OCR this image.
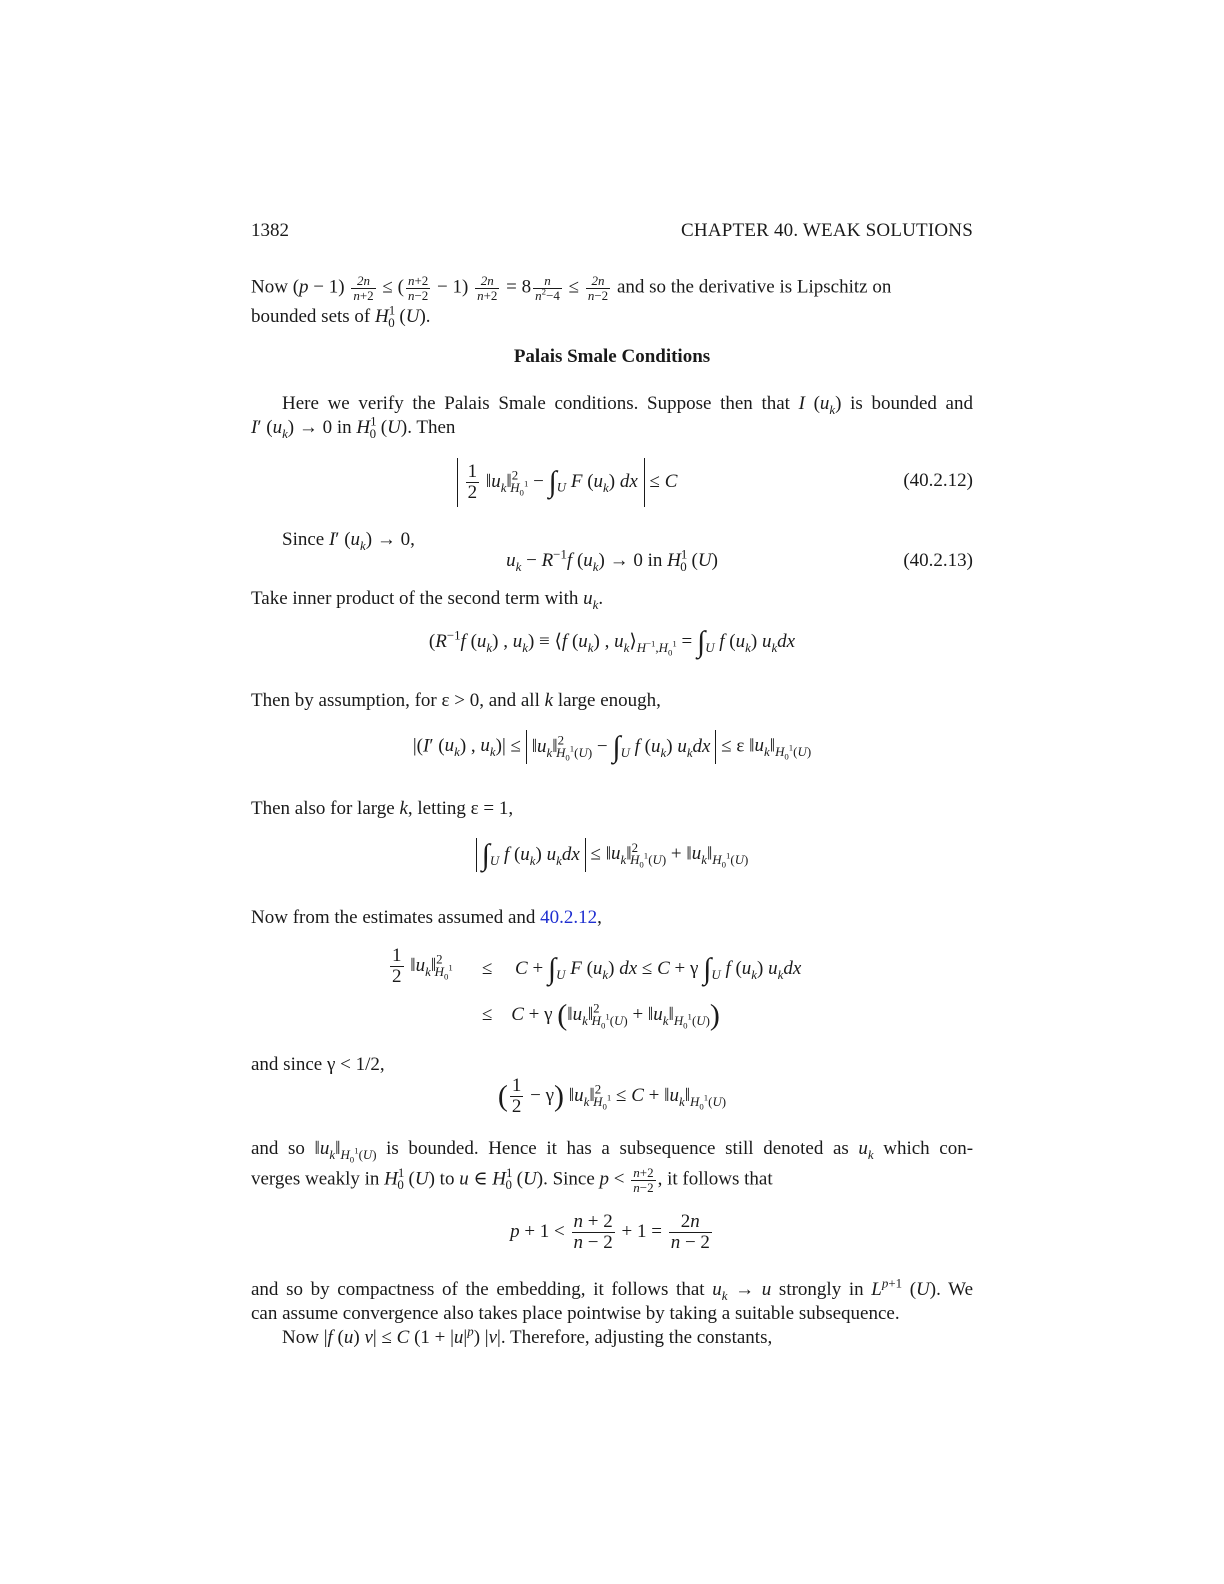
1382	CHAPTER 40. WEAK SOLUTIONS
Now $(p - 1) \frac{2n}{n+2}$ ≤ ( $\frac{n+2}{n-2} - 1) \frac{2n}{n+2} = 8 \frac{n}{n^2-4} \le \frac{2n}{n-2}$ and so the derivative is Lipschitz on
bounded sets of $H^1_0$ (U).
Palais Smale Conditions
Here we verify the Palais Smale conditions. Suppose then that I $(u_k)$ is bounded and
I′ $(u_k) \to 0$ in $H^1_0$ (U). Then
$\frac{1}{2}$ $‖u_k‖^2_{H_0^1} - \int_U$ F $(u_k)$ dx ≤ C	(40.2.12)
Since I′ $(u_k) \to 0$,
$u_k - R^{-1}f$ $(u_k) \to 0$ in $H^1_0$ (U)	(40.2.13)
Take inner product of the second term with $u_k$.
($R^{-1}f$ $(u_k)$ , $u_k$) ≡ ⟨f $(u_k)$ , $u_k⟩_{H^{-1},H_0^1} = \int_U$ f $(u_k)$ $u_kdx$
Then by assumption, for ε > 0, and all k large enough,
|(I′ $(u_k)$ , $u_k)|$ ≤ $‖u_k‖^2_{H_0^1(U)} - \int_U$ f $(u_k) u_kdx \le \varepsilon$ $‖u_k‖_{H_0^1(U)}$
Then also for large k, letting ε = 1,
$\int_U$ f $(u_k) u_kdx$ ≤ $‖u_k‖^2_{H_0^1(U)}$ + $‖u_k‖_{H_0^1(U)}$
Now from the estimates assumed and 40.2.12,
$\frac{1}{2}$ $‖u_k‖^2_{H_0^1} \le C + \int_U$ F $(u_k)$ dx ≤ C + γ $\int_U$ f $(u_k)$ $u_kdx$
≤ C + γ ($‖u_k‖^2_{H_0^1(U)}$ + $‖u_k‖_{H_0^1(U)}$)
and since γ < 1/2,
( $\frac{1}{2} - \gamma$) $‖u_k‖^2_{H_0^1} \le C$ + $‖u_k‖_{H_0^1(U)}$
and so $‖u_k‖_{H_0^1(U)}$ is bounded. Hence it has a subsequence still denoted as $u_k$ which con-
verges weakly in $H^1_0$ (U) to u ∈ $H^1_0$ (U). Since $p < \frac{n+2}{n-2}$ , it follows that
$p + 1 < \frac{n + 2}{n - 2} + 1 = \frac{2n}{n - 2}$
and so by compactness of the embedding, it follows that $u_k \to u$ strongly in $L^{p+1}$ (U). We
can assume convergence also takes place pointwise by taking a suitable subsequence.
Now |f (u) v| ≤ C $(1 + |u|^p)$ |v|. Therefore, adjusting the constants,
